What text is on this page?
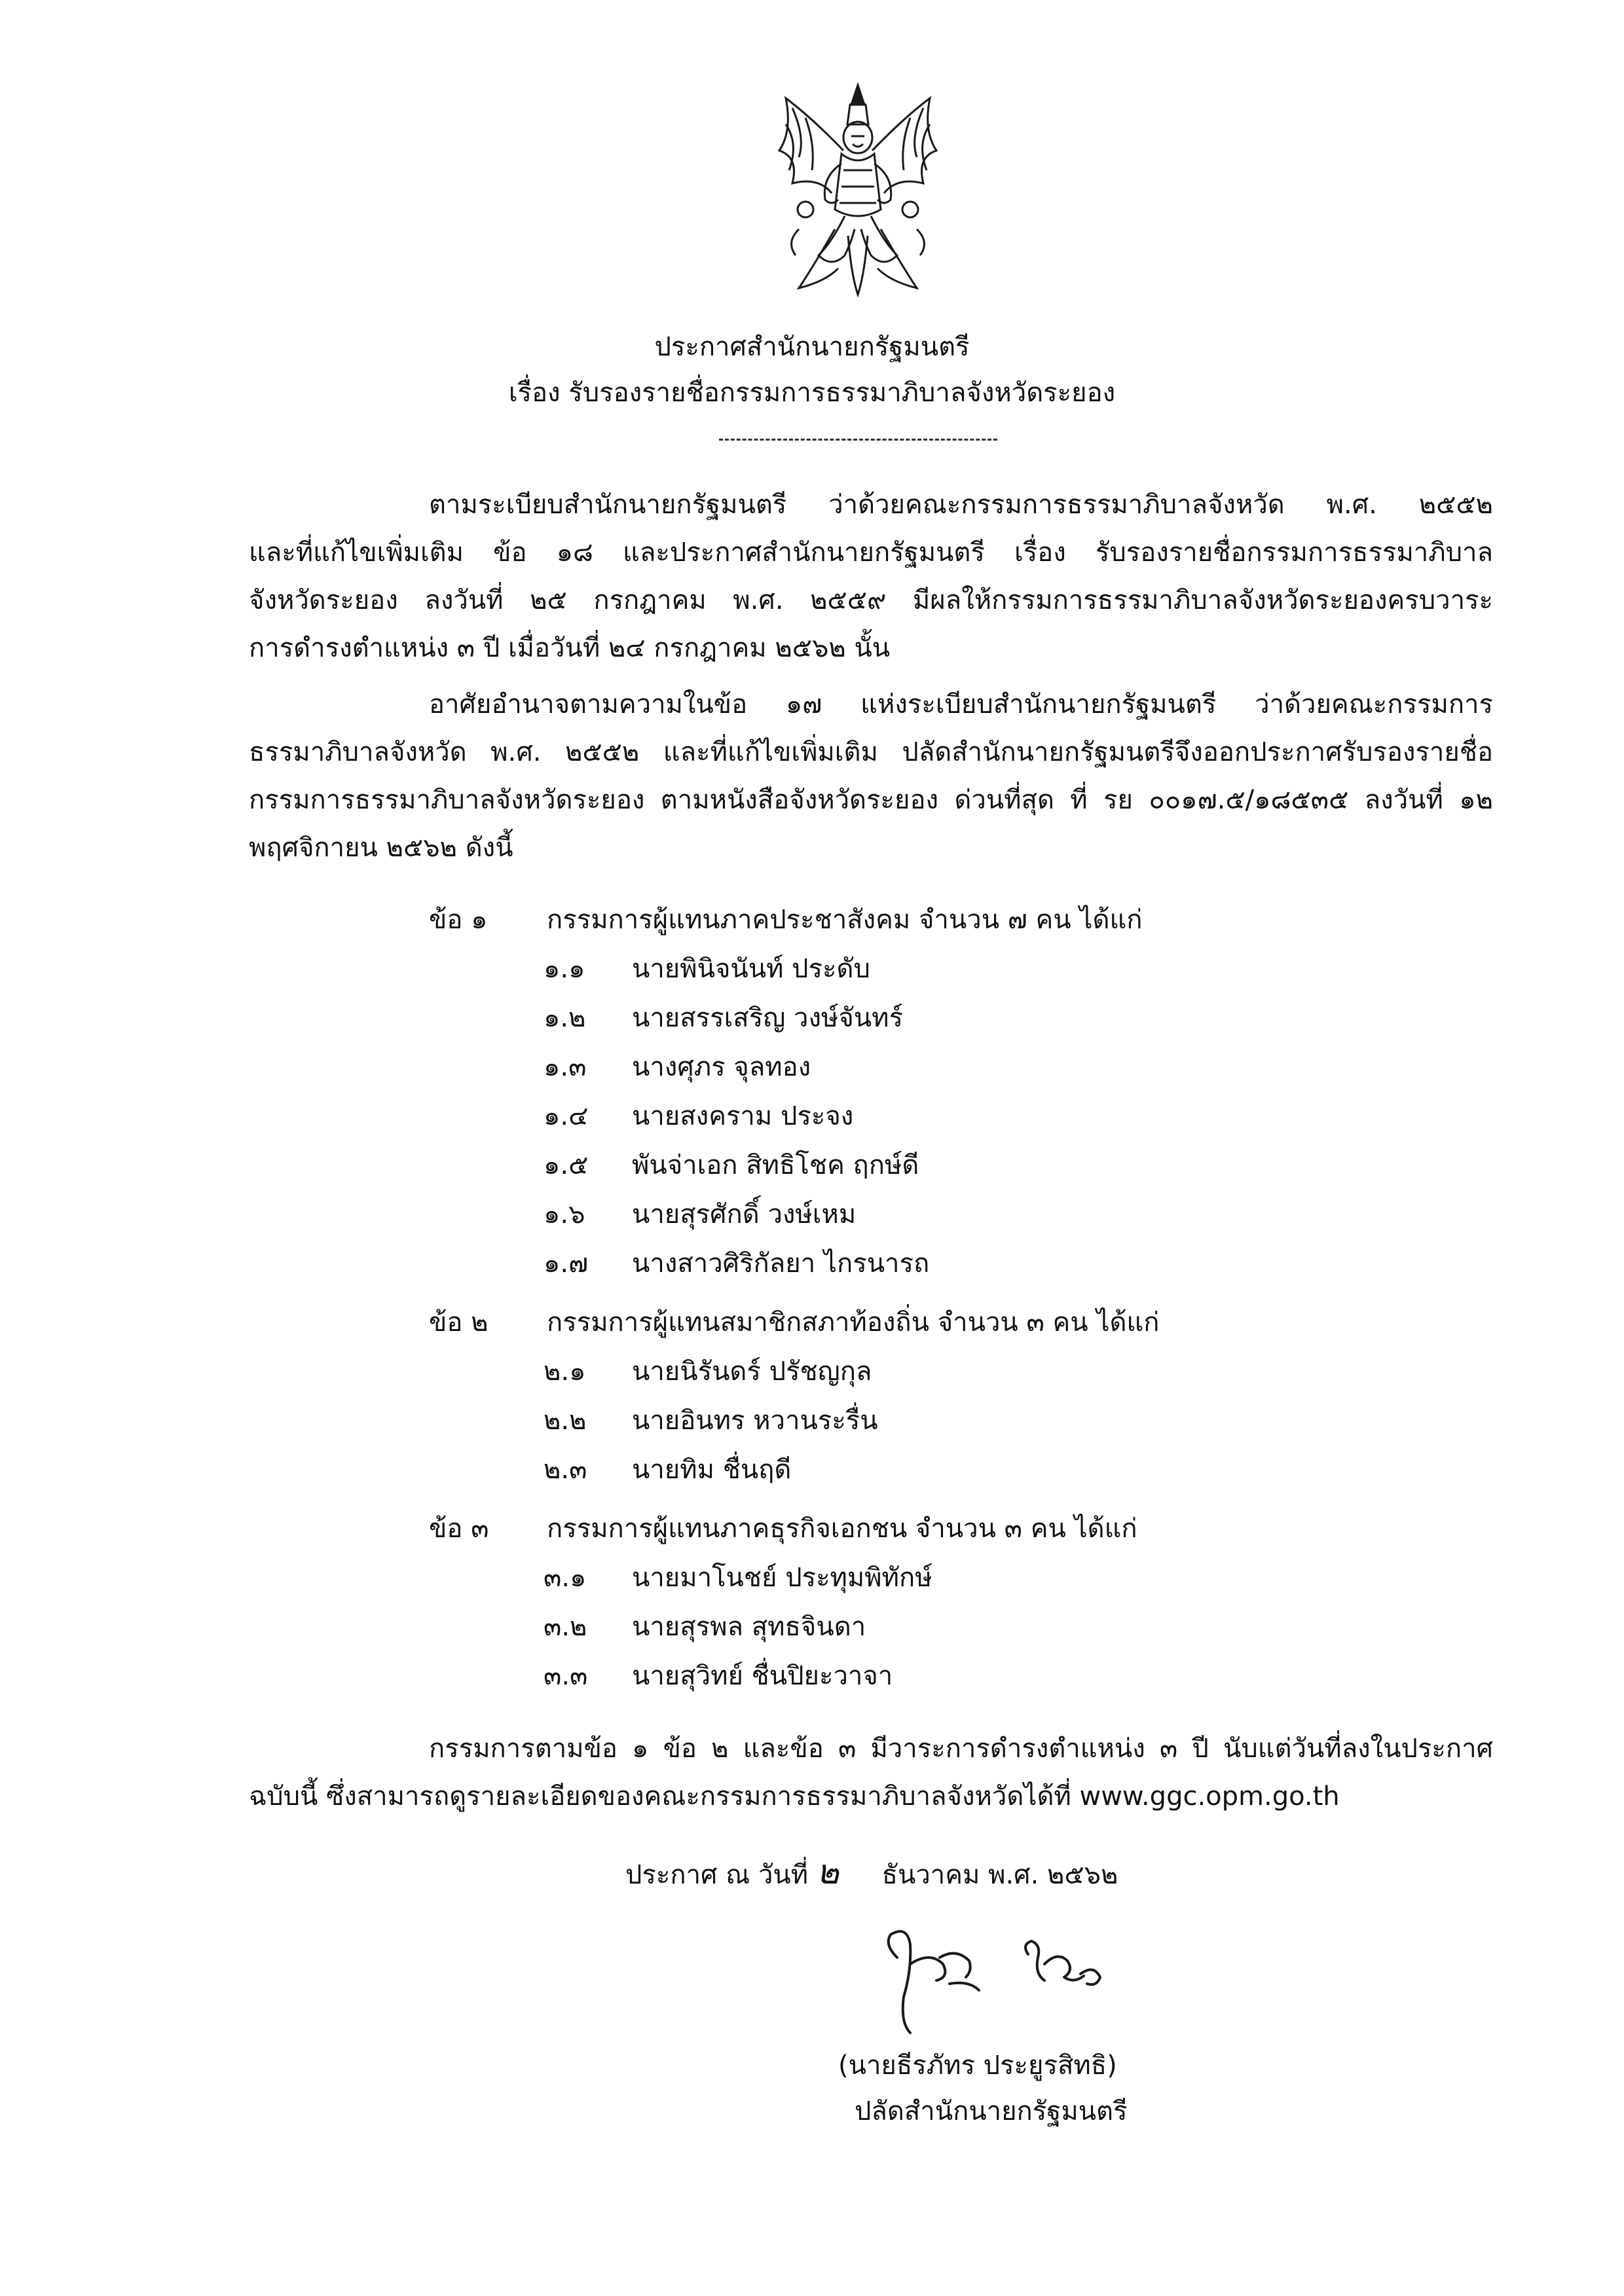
ประกาศสำนักนายกรัฐมนตรี
เรื่อง รับรองรายชื่อกรรมการธรรมาภิบาลจังหวัดระยอง
ตามระเบียบสำนักนายกรัฐมนตรี ว่าด้วยคณะกรรมการธรรมาภิบาลจังหวัด พ.ศ. ๒๕๕๒
และที่แก้ไขเพิ่มเติม ข้อ ๑๘ และประกาศสำนักนายกรัฐมนตรี เรื่อง รับรองรายชื่อกรรมการธรรมาภิบาล
จังหวัดระยอง ลงวันที่ ๒๕ กรกฎาคม พ.ศ. ๒๕๕๙ มีผลให้กรรมการธรรมาภิบาลจังหวัดระยองครบวาระ
การดำรงตำแหน่ง ๓ ปี เมื่อวันที่ ๒๔ กรกฎาคม ๒๕๖๒ นั้น
อาศัยอำนาจตามความในข้อ ๑๗ แห่งระเบียบสำนักนายกรัฐมนตรี ว่าด้วยคณะกรรมการ
ธรรมาภิบาลจังหวัด พ.ศ. ๒๕๕๒ และที่แก้ไขเพิ่มเติม ปลัดสำนักนายกรัฐมนตรีจึงออกประกาศรับรองรายชื่อ
กรรมการธรรมาภิบาลจังหวัดระยอง ตามหนังสือจังหวัดระยอง ด่วนที่สุด ที่ รย ๐๐๑๗.๕/๑๘๕๓๕ ลงวันที่ ๑๒
พฤศจิกายน ๒๕๖๒ ดังนี้
ข้อ ๑ กรรมการผู้แทนภาคประชาสังคม จำนวน ๗ คน ได้แก่
๑.๑ นายพินิจนันท์ ประดับ
๑.๒ นายสรรเสริญ วงษ์จันทร์
๑.๓ นางศุภร จุลทอง
๑.๔ นายสงคราม ประจง
๑.๕ พันจ่าเอก สิทธิโชค ฤกษ์ดี
๑.๖ นายสุรศักดิ์ วงษ์เหม
๑.๗ นางสาวศิริกัลยา ไกรนารถ
ข้อ ๒ กรรมการผู้แทนสมาชิกสภาท้องถิ่น จำนวน ๓ คน ได้แก่
๒.๑ นายนิรันดร์ ปรัชญกุล
๒.๒ นายอินทร หวานระรื่น
๒.๓ นายทิม ชื่นฤดี
ข้อ ๓ กรรมการผู้แทนภาคธุรกิจเอกชน จำนวน ๓ คน ได้แก่
๓.๑ นายมาโนชย์ ประทุมพิทักษ์
๓.๒ นายสุรพล สุทธจินดา
๓.๓ นายสุวิทย์ ชื่นปิยะวาจา
กรรมการตามข้อ ๑ ข้อ ๒ และข้อ ๓ มีวาระการดำรงตำแหน่ง ๓ ปี นับแต่วันที่ลงในประกาศ
ฉบับนี้ ซึ่งสามารถดูรายละเอียดของคณะกรรมการธรรมาภิบาลจังหวัดได้ที่ www.ggc.opm.go.th
ประกาศ ณ วันที่ ๒ ธันวาคม พ.ศ. ๒๕๖๒
(นายธีรภัทร ประยูรสิทธิ)
ปลัดสำนักนายกรัฐมนตรี
